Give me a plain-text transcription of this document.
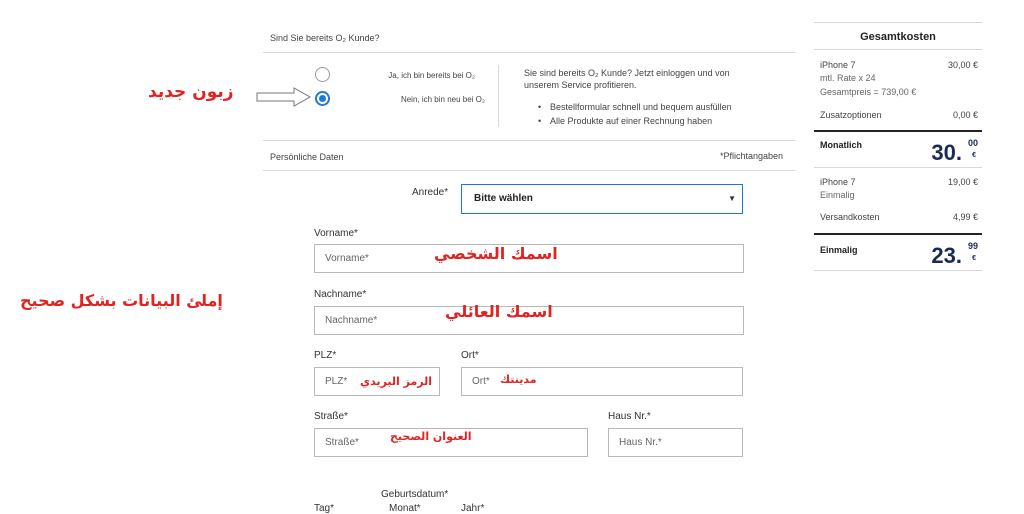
Sind Sie bereits O₂ Kunde?
Ja, ich bin bereits bei O₂
Nein, ich bin neu bei O₂
Sie sind bereits O₂ Kunde? Jetzt einloggen und von unserem Service profitieren.
• Bestellformular schnell und bequem ausfüllen
• Alle Produkte auf einer Rechnung haben
Persönliche Daten	*Pflichtangaben
Anrede*
Bitte wählen	▼
Vorname*
Vorname*
Nachname*
Nachname*
PLZ*
PLZ*
Ort*
Ort*
Straße*
Straße*
Haus Nr.*
Haus Nr.*
Geburtsdatum*
Tag*	Monat*	Jahr*
زبون جديد
إملئ البيانات بشكل صحيح
اسمك الشخصي
اسمك العائلي
الرمز البريدي	مدينتك
العنوان الصحيح
Gesamtkosten
iPhone 7	30,00 €
mtl. Rate x 24
Gesamtpreis = 739,00 €
Zusatzoptionen	0,00 €
Monatlich	30. 00
€
iPhone 7	19,00 €
Einmalig
Versandkosten	4,99 €
Einmalig	23. 99
€
